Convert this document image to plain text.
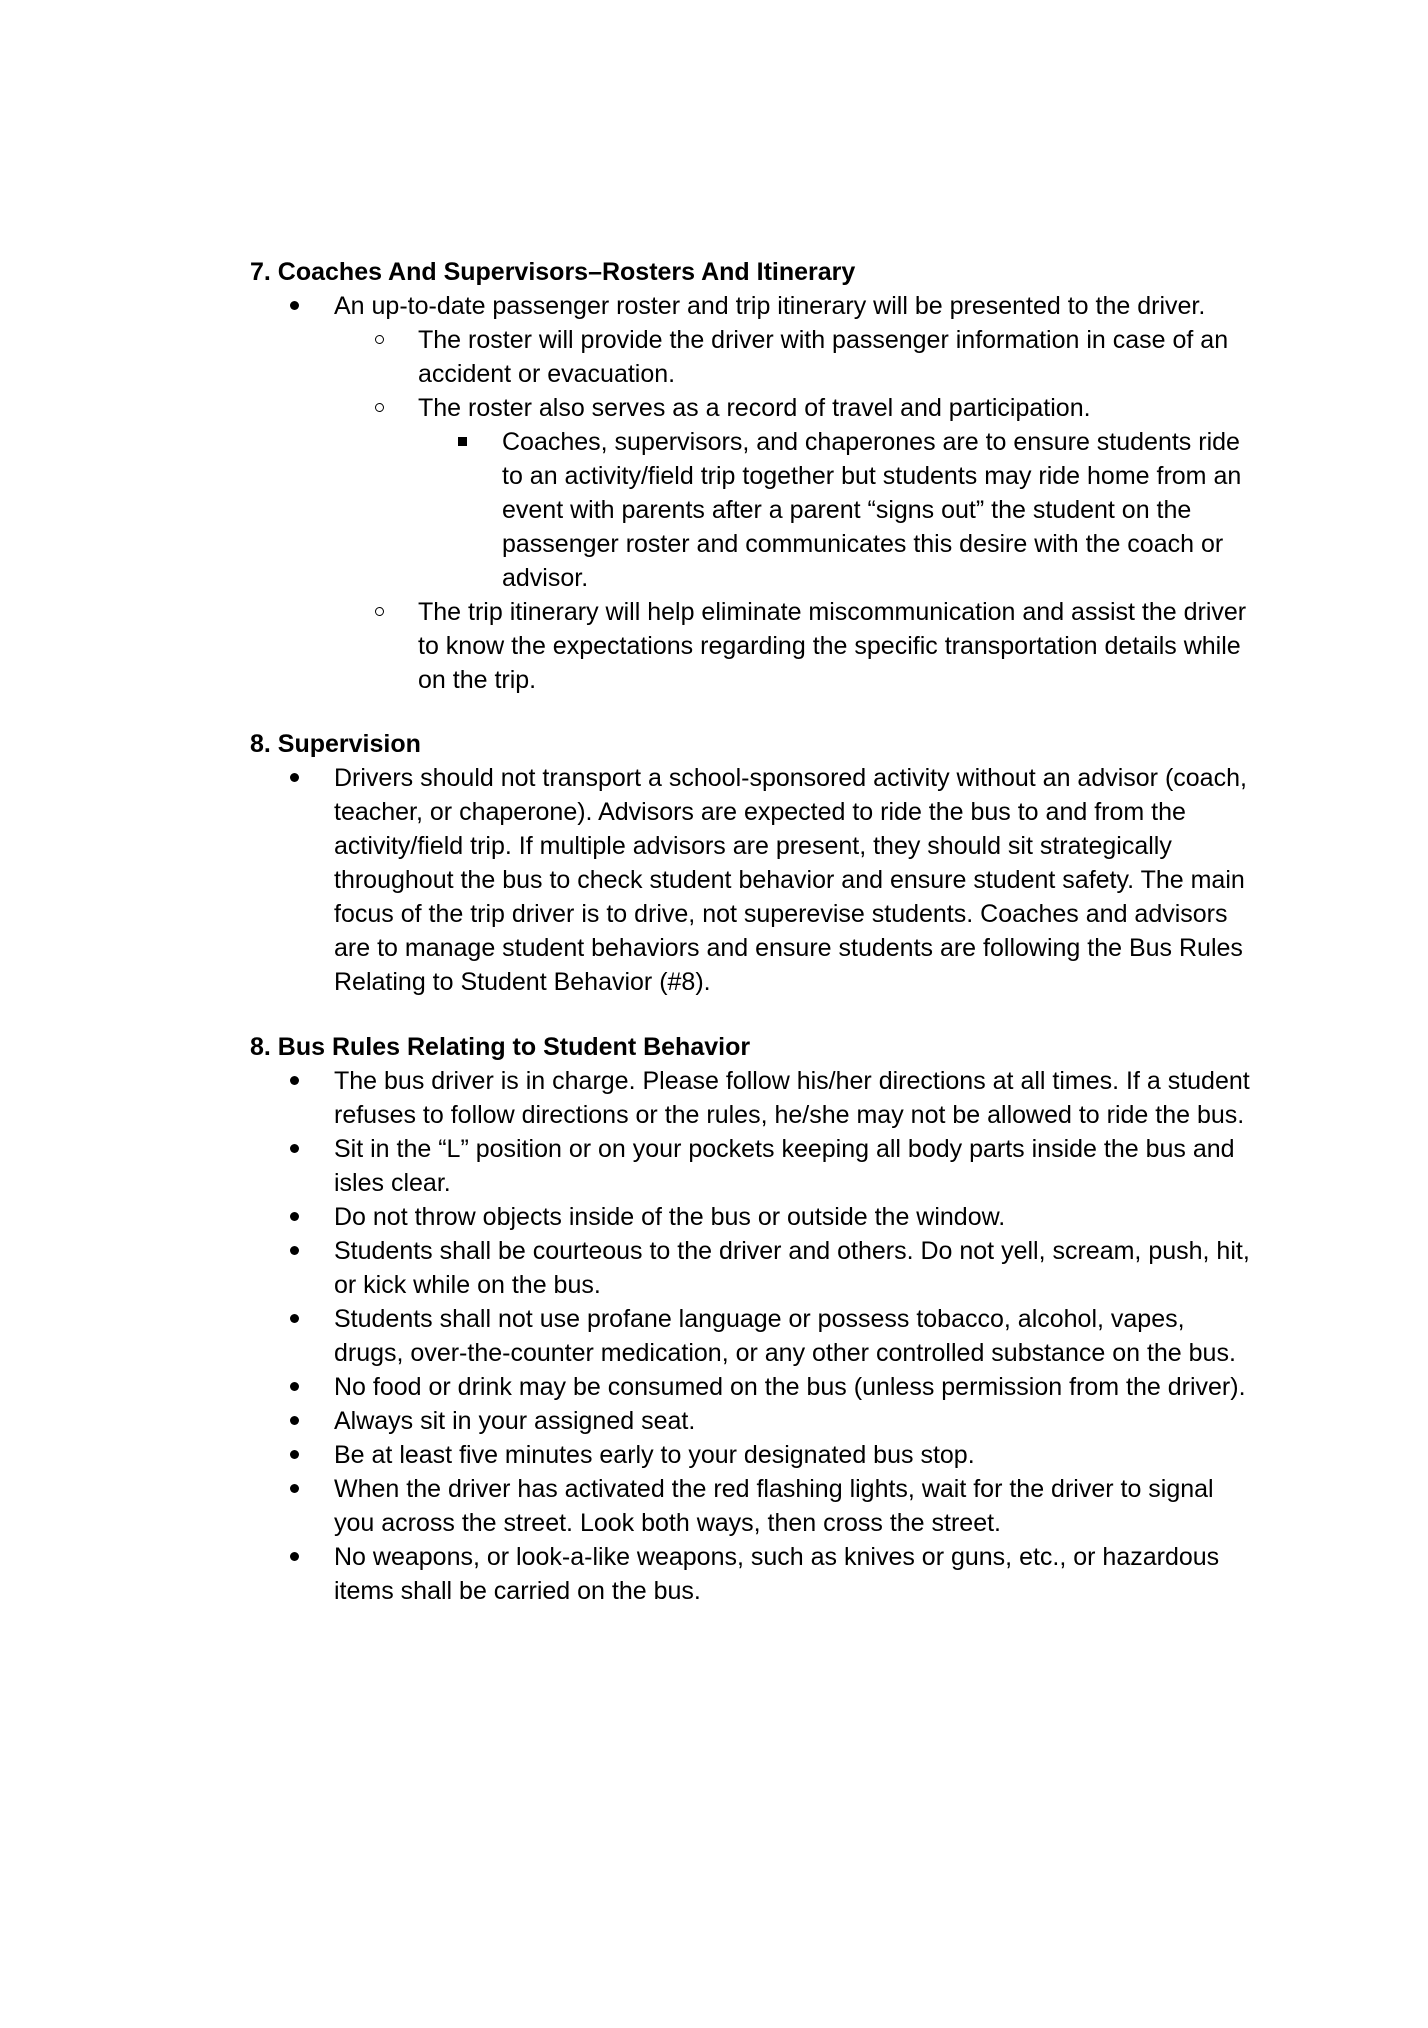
7. Coaches And Supervisors–Rosters And Itinerary
An up-to-date passenger roster and trip itinerary will be presented to the driver.
The roster will provide the driver with passenger information in case of an accident or evacuation.
The roster also serves as a record of travel and participation.
Coaches, supervisors, and chaperones are to ensure students ride to an activity/field trip together but students may ride home from an event with parents after a parent “signs out” the student on the passenger roster and communicates this desire with the coach or advisor.
The trip itinerary will help eliminate miscommunication and assist the driver to know the expectations regarding the specific transportation details while on the trip.
8. Supervision
Drivers should not transport a school-sponsored activity without an advisor (coach, teacher, or chaperone). Advisors are expected to ride the bus to and from the activity/field trip. If multiple advisors are present, they should sit strategically throughout the bus to check student behavior and ensure student safety. The main focus of the trip driver is to drive, not superevise students. Coaches and advisors are to manage student behaviors and ensure students are following the Bus Rules Relating to Student Behavior (#8).
8. Bus Rules Relating to Student Behavior
The bus driver is in charge. Please follow his/her directions at all times. If a student refuses to follow directions or the rules, he/she may not be allowed to ride the bus.
Sit in the “L” position or on your pockets keeping all body parts inside the bus and isles clear.
Do not throw objects inside of the bus or outside the window.
Students shall be courteous to the driver and others. Do not yell, scream, push, hit, or kick while on the bus.
Students shall not use profane language or possess tobacco, alcohol, vapes, drugs, over-the-counter medication, or any other controlled substance on the bus.
No food or drink may be consumed on the bus (unless permission from the driver).
Always sit in your assigned seat.
Be at least five minutes early to your designated bus stop.
When the driver has activated the red flashing lights, wait for the driver to signal you across the street. Look both ways, then cross the street.
No weapons, or look-a-like weapons, such as knives or guns, etc., or hazardous items shall be carried on the bus.
